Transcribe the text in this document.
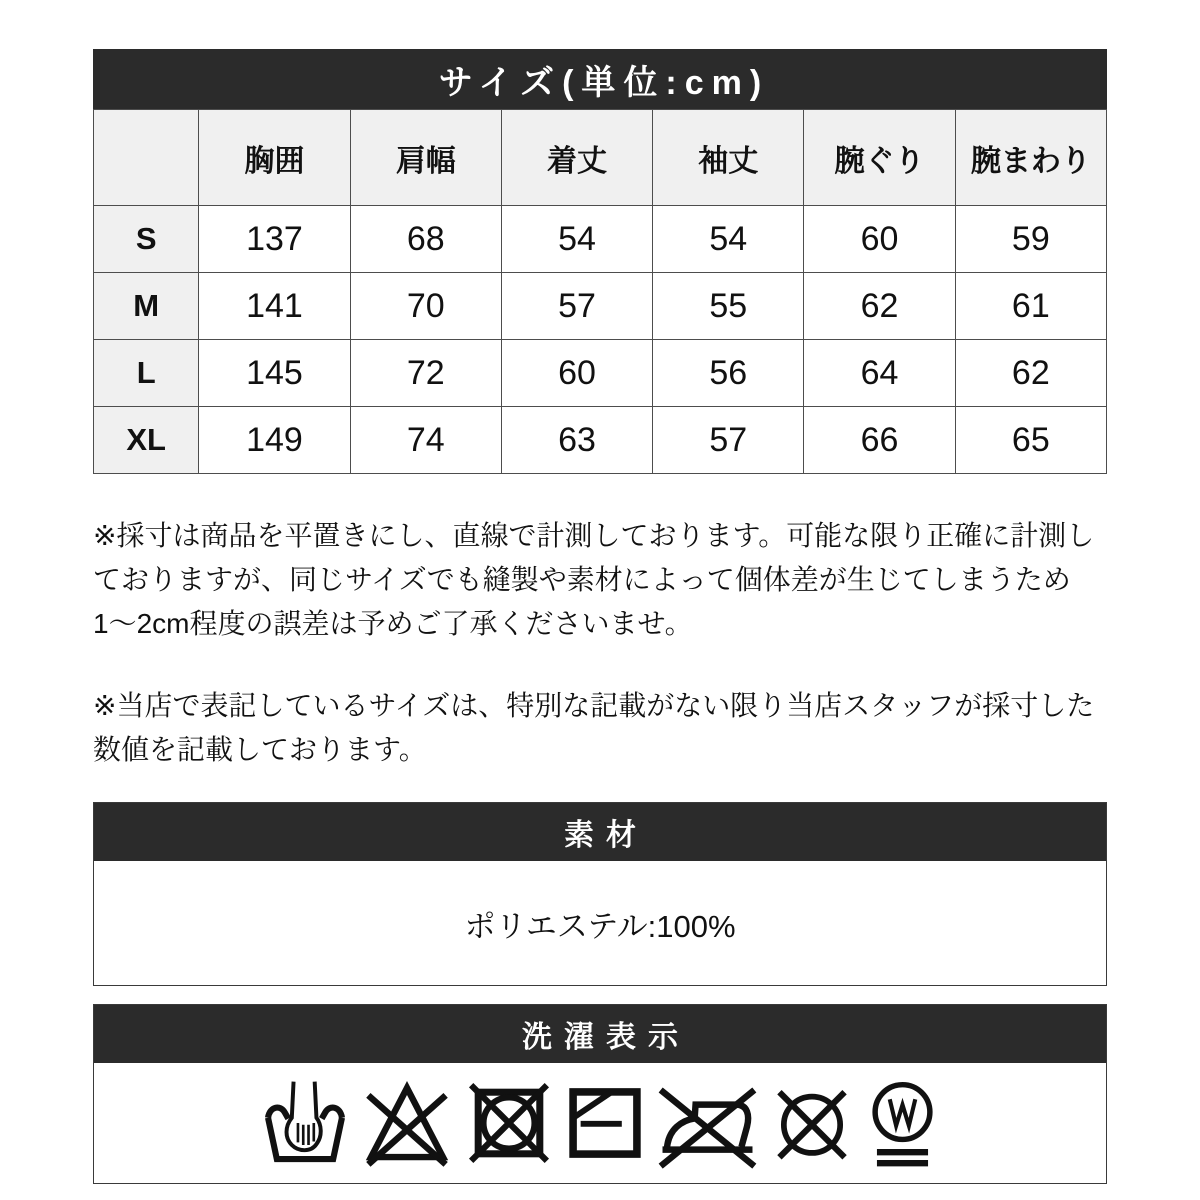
サイズ(単位:cm)
	胸囲	肩幅	着丈	袖丈	腕ぐり	腕まわり
S	137	68	54	54	60	59
M	141	70	57	55	62	61
L	145	72	60	56	64	62
XL	149	74	63	57	66	65

※採寸は商品を平置きにし、直線で計測しております。可能な限り正確に計測しておりますが、同じサイズでも縫製や素材によって個体差が生じてしまうため1〜2cm程度の誤差は予めご了承くださいませ。

※当店で表記しているサイズは、特別な記載がない限り当店スタッフが採寸した数値を記載しております。

素材
ポリエステル:100%
洗濯表示
